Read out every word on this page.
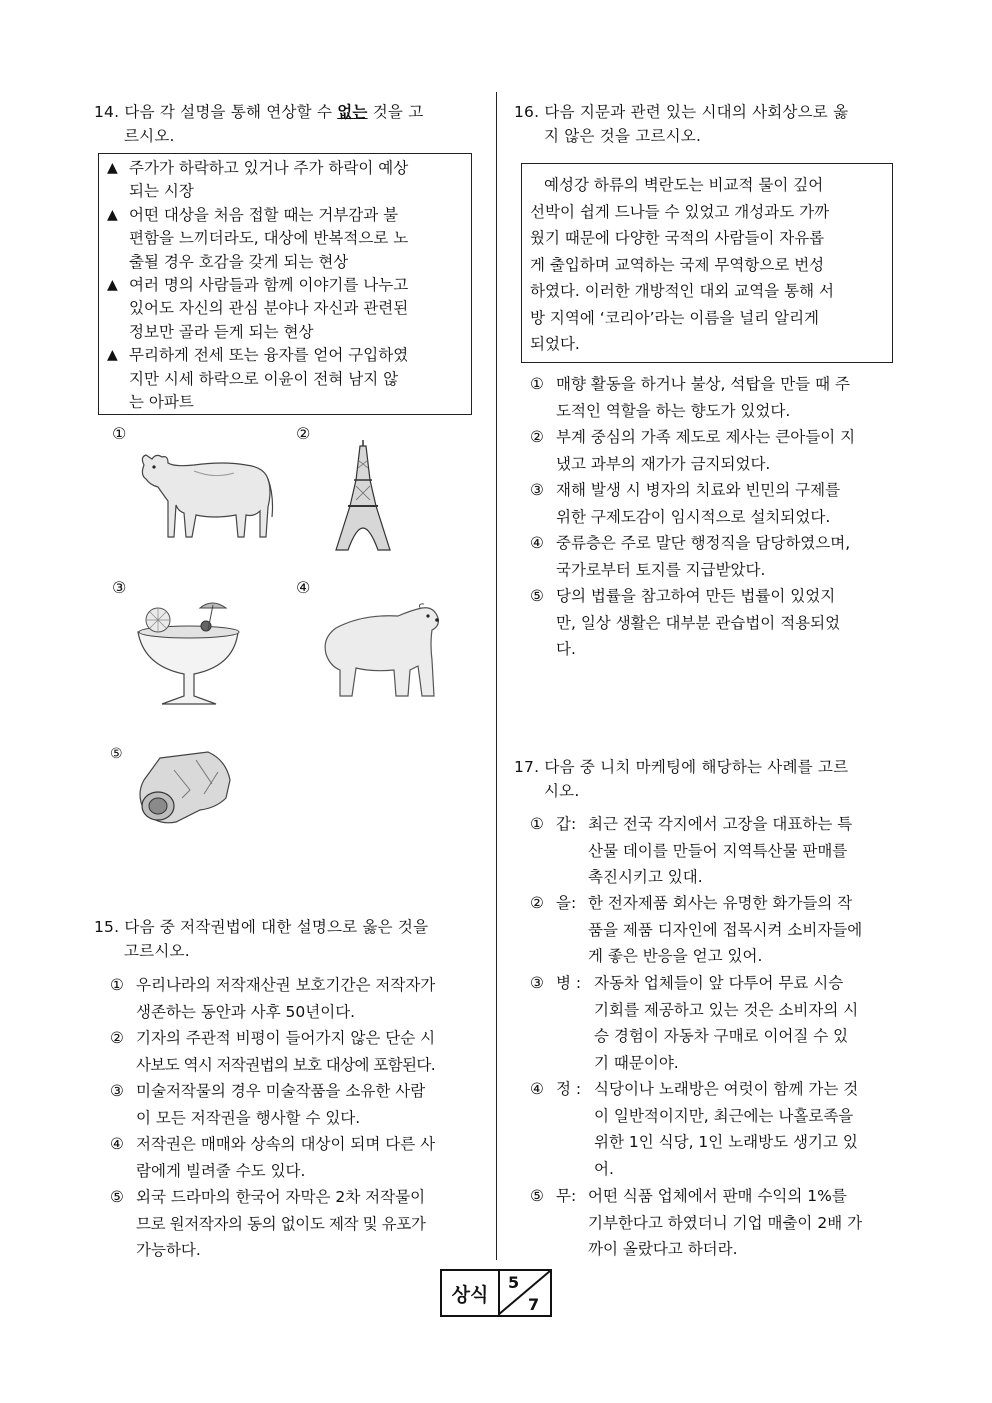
14. 다음 각 설명을 통해 연상할 수 없는 것을 고
르시오.
▲ 주가가 하락하고 있거나 주가 하락이 예상
되는 시장
▲ 어떤 대상을 처음 접할 때는 거부감과 불
편함을 느끼더라도, 대상에 반복적으로 노
출될 경우 호감을 갖게 되는 현상
▲ 여러 명의 사람들과 함께 이야기를 나누고
있어도 자신의 관심 분야나 자신과 관련된
정보만 골라 듣게 되는 현상
▲ 무리하게 전세 또는 융자를 얻어 구입하였
지만 시세 하락으로 이윤이 전혀 남지 않
는 아파트
①	②
③	④
⑤
15. 다음 중 저작권법에 대한 설명으로 옳은 것을
고르시오.
① 우리나라의 저작재산권 보호기간은 저작자가
생존하는 동안과 사후 50년이다.
② 기자의 주관적 비평이 들어가지 않은 단순 시
사보도 역시 저작권법의 보호 대상에 포함된다.
③ 미술저작물의 경우 미술작품을 소유한 사람
이 모든 저작권을 행사할 수 있다.
④ 저작권은 매매와 상속의 대상이 되며 다른 사
람에게 빌려줄 수도 있다.
⑤ 외국 드라마의 한국어 자막은 2차 저작물이
므로 원저작자의 동의 없이도 제작 및 유포가
가능하다.
16. 다음 지문과 관련 있는 시대의 사회상으로 옳
지 않은 것을 고르시오.
예성강 하류의 벽란도는 비교적 물이 깊어
선박이 쉽게 드나들 수 있었고 개성과도 가까
웠기 때문에 다양한 국적의 사람들이 자유롭
게 출입하며 교역하는 국제 무역항으로 번성
하였다. 이러한 개방적인 대외 교역을 통해 서
방 지역에 ‘코리아’라는 이름을 널리 알리게
되었다.
① 매향 활동을 하거나 불상, 석탑을 만들 때 주
도적인 역할을 하는 향도가 있었다.
② 부계 중심의 가족 제도로 제사는 큰아들이 지
냈고 과부의 재가가 금지되었다.
③ 재해 발생 시 병자의 치료와 빈민의 구제를
위한 구제도감이 임시적으로 설치되었다.
④ 중류층은 주로 말단 행정직을 담당하였으며,
국가로부터 토지를 지급받았다.
⑤ 당의 법률을 참고하여 만든 법률이 있었지
만, 일상 생활은 대부분 관습법이 적용되었
다.
17. 다음 중 니치 마케팅에 해당하는 사례를 고르
시오.
① 갑: 최근 전국 각지에서 고장을 대표하는 특
산물 데이를 만들어 지역특산물 판매를
촉진시키고 있대.
② 을: 한 전자제품 회사는 유명한 화가들의 작
품을 제품 디자인에 접목시켜 소비자들에
게 좋은 반응을 얻고 있어.
③ 병 : 자동차 업체들이 앞 다투어 무료 시승
기회를 제공하고 있는 것은 소비자의 시
승 경험이 자동차 구매로 이어질 수 있
기 때문이야.
④ 정 : 식당이나 노래방은 여럿이 함께 가는 것
이 일반적이지만, 최근에는 나홀로족을
위한 1인 식당, 1인 노래방도 생기고 있
어.
⑤ 무: 어떤 식품 업체에서 판매 수익의 1%를
기부한다고 하였더니 기업 매출이 2배 가
까이 올랐다고 하더라.
상식
5
7
